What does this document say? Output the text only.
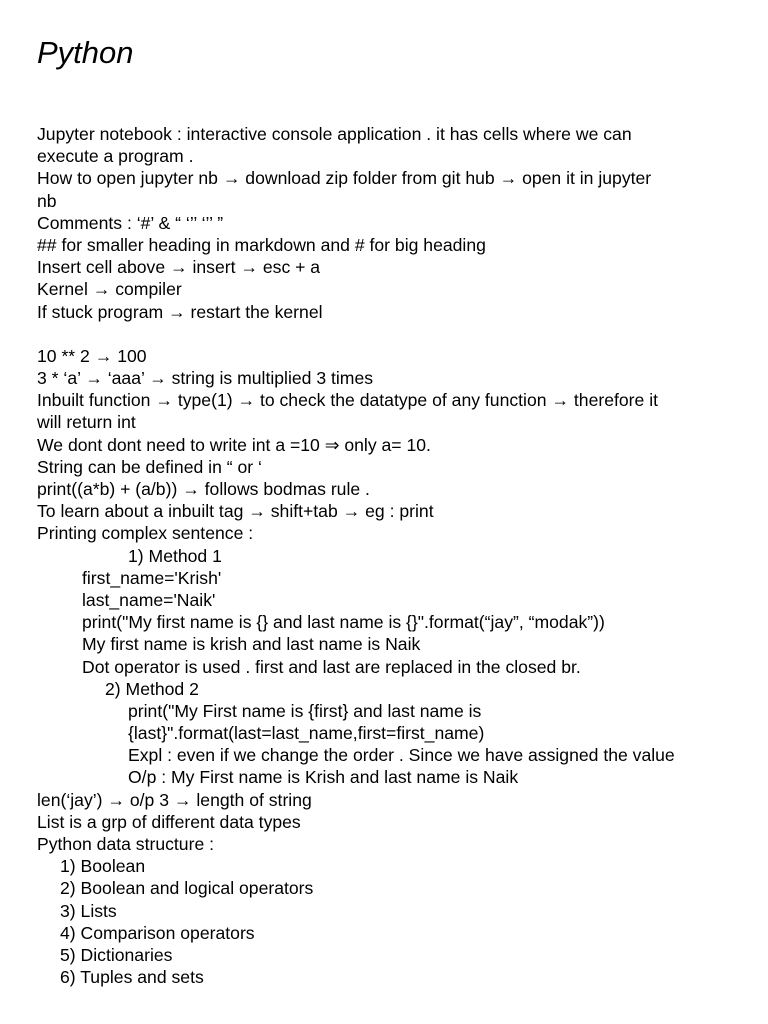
Python
Jupyter notebook : interactive console application . it has cells where we can
execute a program .
How to open jupyter nb → download zip folder from git hub → open it in jupyter
nb
Comments : ‘#’ & “ ‘’’ ‘’’ ”
## for smaller heading in markdown and # for big heading
Insert cell above → insert → esc + a
Kernel → compiler
If stuck program → restart the kernel
10 ** 2 → 100
3 * ‘a’ → ‘aaa’ → string is multiplied 3 times
Inbuilt function → type(1) → to check the datatype of any function → therefore it
will return int
We dont dont need to write int a =10 ⇒ only a= 10.
String can be defined in “ or ‘
print((a*b) + (a/b)) → follows bodmas rule .
To learn about a inbuilt tag → shift+tab → eg : print
Printing complex sentence :
1) Method 1
first_name='Krish'
last_name='Naik'
print("My first name is {} and last name is {}".format(“jay”, “modak”))
My first name is krish and last name is Naik
Dot operator is used . first and last are replaced in the closed br.
2) Method 2
print("My First name is {first} and last name is
{last}".format(last=last_name,first=first_name)
Expl : even if we change the order . Since we have assigned the value
O/p : My First name is Krish and last name is Naik
len(‘jay’) → o/p 3 → length of string
List is a grp of different data types
Python data structure :
1) Boolean
2) Boolean and logical operators
3) Lists
4) Comparison operators
5) Dictionaries
6) Tuples and sets
